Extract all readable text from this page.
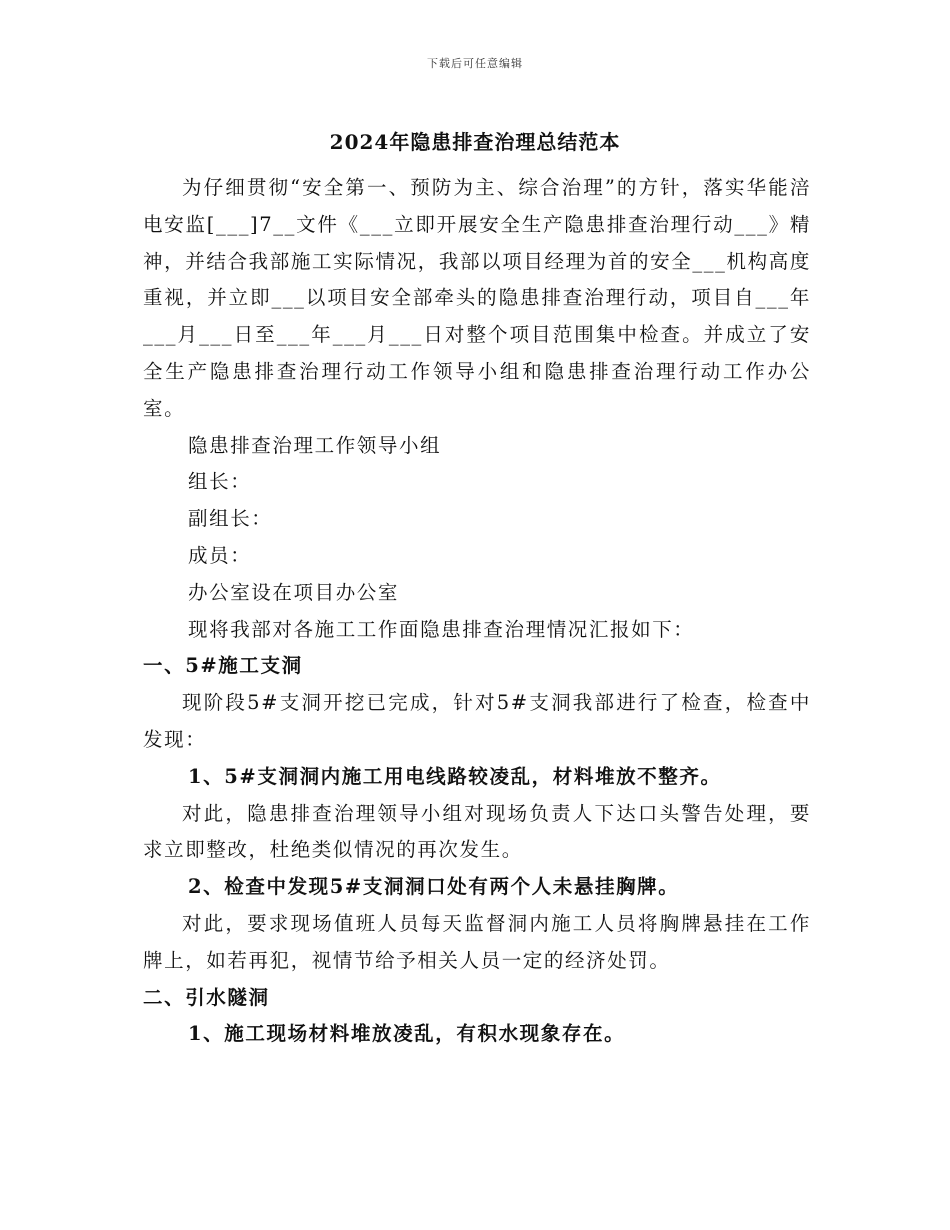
下载后可任意编辑
2024年隐患排查治理总结范本

为仔细贯彻“安全第一、预防为主、综合治理”的方针，落实华能涪电安监[___]7__文件《___立即开展安全生产隐患排查治理行动___》精神，并结合我部施工实际情况，我部以项目经理为首的安全___机构高度重视，并立即___以项目安全部牵头的隐患排查治理行动，项目自___年___月___日至___年___月___日对整个项目范围集中检查。并成立了安全生产隐患排查治理行动工作领导小组和隐患排查治理行动工作办公室。

隐患排查治理工作领导小组

组长：

副组长：

成员：

办公室设在项目办公室

现将我部对各施工工作面隐患排查治理情况汇报如下：

一、5#施工支洞

现阶段5#支洞开挖已完成，针对5#支洞我部进行了检查，检查中发现：

1、5#支洞洞内施工用电线路较凌乱，材料堆放不整齐。

对此，隐患排查治理领导小组对现场负责人下达口头警告处理，要求立即整改，杜绝类似情况的再次发生。

2、检查中发现5#支洞洞口处有两个人未悬挂胸牌。

对此，要求现场值班人员每天监督洞内施工人员将胸牌悬挂在工作牌上，如若再犯，视情节给予相关人员一定的经济处罚。

二、引水隧洞

1、施工现场材料堆放凌乱，有积水现象存在。
